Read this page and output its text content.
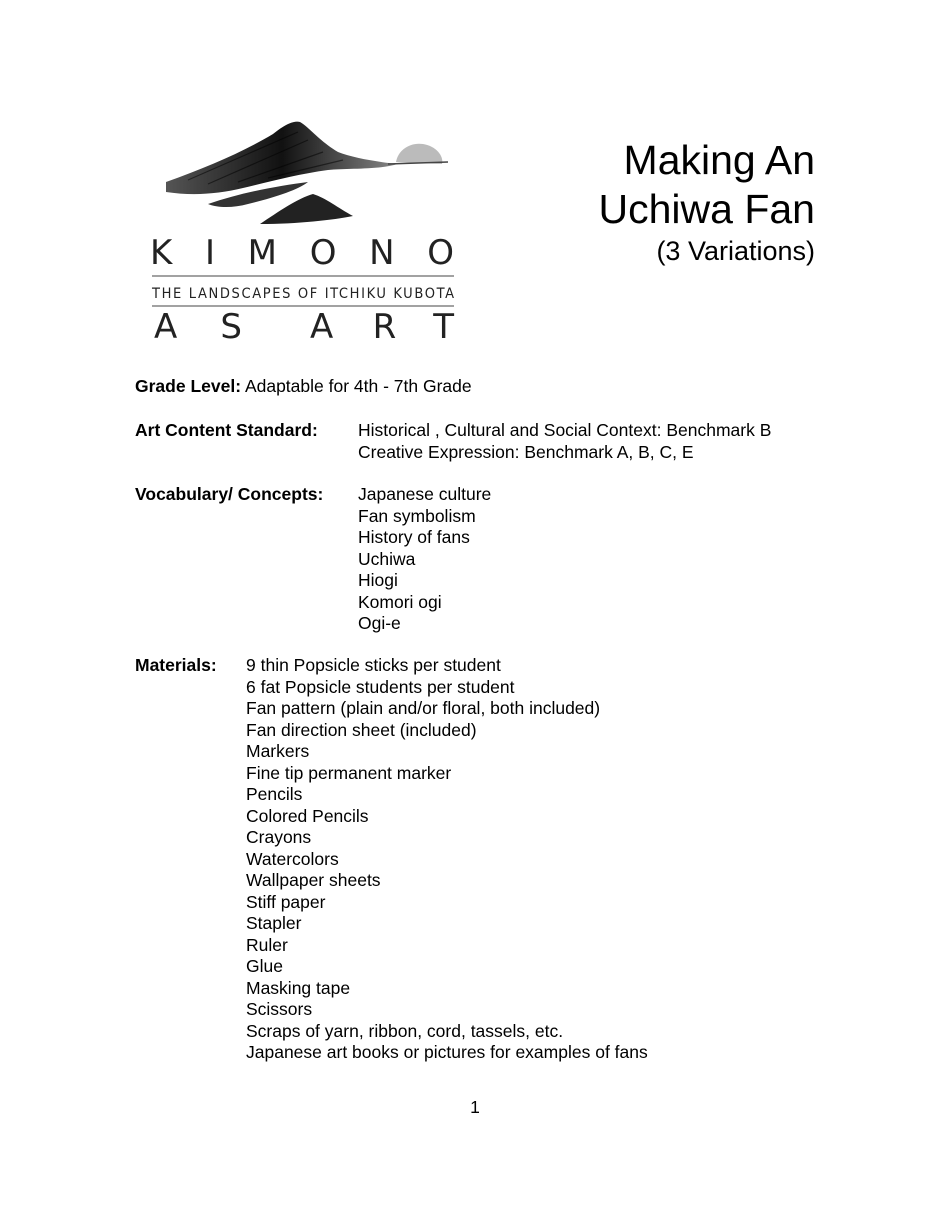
KIMONO
THE LANDSCAPES OF ITCHIKU KUBOTA
AS ART
Making An
Uchiwa Fan
(3 Variations)
Grade Level: Adaptable for 4th - 7th Grade
Art Content Standard: Historical , Cultural and Social Context: Benchmark B
Creative Expression: Benchmark A, B, C, E
Vocabulary/ Concepts: Japanese culture
Fan symbolism
History of fans
Uchiwa
Hiogi
Komori ogi
Ogi-e
Materials: 9 thin Popsicle sticks per student
6 fat Popsicle students per student
Fan pattern (plain and/or floral, both included)
Fan direction sheet (included)
Markers
Fine tip permanent marker
Pencils
Colored Pencils
Crayons
Watercolors
Wallpaper sheets
Stiff paper
Stapler
Ruler
Glue
Masking tape
Scissors
Scraps of yarn, ribbon, cord, tassels, etc.
Japanese art books or pictures for examples of fans
1
